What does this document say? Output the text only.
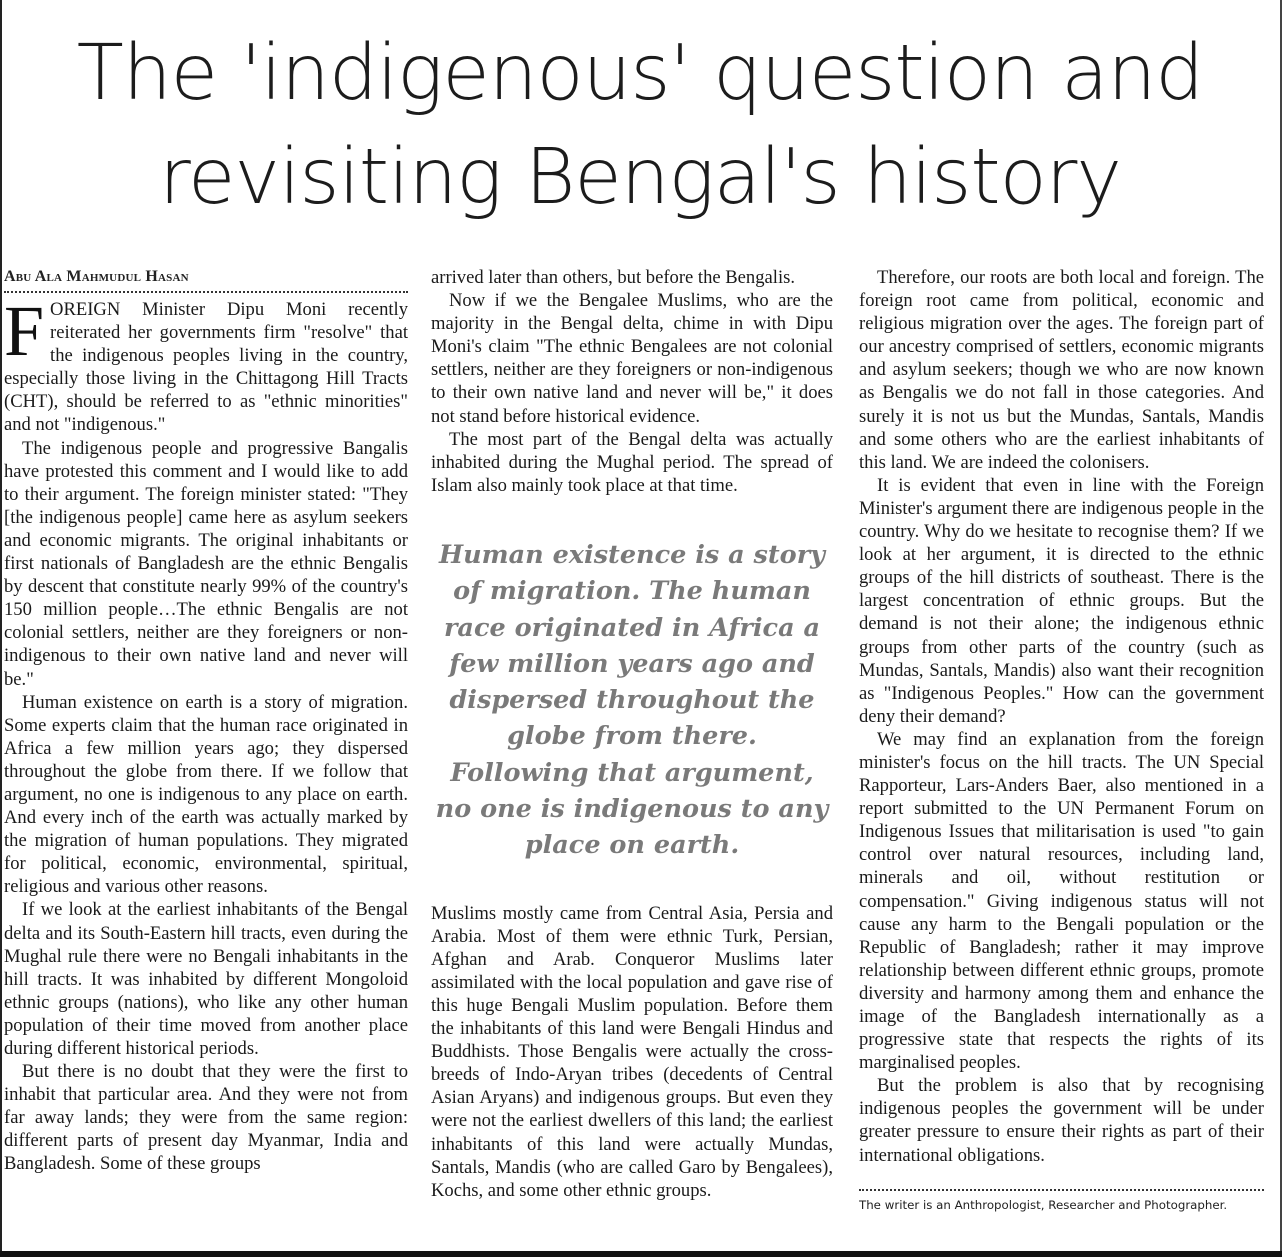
The 'indigenous' question and
revisiting Bengal's history
Abu Ala Mahmudul Hasan

FOREIGN Minister Dipu Moni recently reiterated her governments firm "resolve" that the indigenous peoples living in the country, especially those living in the Chittagong Hill Tracts (CHT), should be referred to as "ethnic minorities" and not "indigenous."

The indigenous people and progressive Bangalis have protested this comment and I would like to add to their argument. The foreign minister stated: "They [the indigenous people] came here as asylum seekers and economic migrants. The original inhabitants or first nationals of Bangladesh are the ethnic Bengalis by descent that constitute nearly 99% of the country's 150 million people…The ethnic Bengalis are not colonial settlers, neither are they foreigners or non-indigenous to their own native land and never will be."

Human existence on earth is a story of migration. Some experts claim that the human race originated in Africa a few million years ago; they dispersed throughout the globe from there. If we follow that argument, no one is indigenous to any place on earth. And every inch of the earth was actually marked by the migration of human populations. They migrated for political, economic, environmental, spiritual, religious and various other reasons.

If we look at the earliest inhabitants of the Bengal delta and its South-Eastern hill tracts, even during the Mughal rule there were no Bengali inhabitants in the hill tracts. It was inhabited by different Mongoloid ethnic groups (nations), who like any other human population of their time moved from another place during different historical periods.

But there is no doubt that they were the first to inhabit that particular area. And they were not from far away lands; they were from the same region: different parts of present day Myanmar, India and Bangladesh. Some of these groups

arrived later than others, but before the Bengalis.

Now if we the Bengalee Muslims, who are the majority in the Bengal delta, chime in with Dipu Moni's claim "The ethnic Bengalees are not colonial settlers, neither are they foreigners or non-indigenous to their own native land and never will be," it does not stand before historical evidence.

The most part of the Bengal delta was actually inhabited during the Mughal period. The spread of Islam also mainly took place at that time.

Human existence is a story of migration. The human race originated in Africa a few million years ago and dispersed throughout the globe from there. Following that argument, no one is indigenous to any place on earth.

Muslims mostly came from Central Asia, Persia and Arabia. Most of them were ethnic Turk, Persian, Afghan and Arab. Conqueror Muslims later assimilated with the local population and gave rise of this huge Bengali Muslim population. Before them the inhabitants of this land were Bengali Hindus and Buddhists. Those Bengalis were actually the cross-breeds of Indo-Aryan tribes (decedents of Central Asian Aryans) and indigenous groups. But even they were not the earliest dwellers of this land; the earliest inhabitants of this land were actually Mundas, Santals, Mandis (who are called Garo by Bengalees), Kochs, and some other ethnic groups.

Therefore, our roots are both local and foreign. The foreign root came from political, economic and religious migration over the ages. The foreign part of our ancestry comprised of settlers, economic migrants and asylum seekers; though we who are now known as Bengalis we do not fall in those categories. And surely it is not us but the Mundas, Santals, Mandis and some others who are the earliest inhabitants of this land. We are indeed the colonisers.

It is evident that even in line with the Foreign Minister's argument there are indigenous people in the country. Why do we hesitate to recognise them? If we look at her argument, it is directed to the ethnic groups of the hill districts of southeast. There is the largest concentration of ethnic groups. But the demand is not their alone; the indigenous ethnic groups from other parts of the country (such as Mundas, Santals, Mandis) also want their recognition as "Indigenous Peoples." How can the government deny their demand?

We may find an explanation from the foreign minister's focus on the hill tracts. The UN Special Rapporteur, Lars-Anders Baer, also mentioned in a report submitted to the UN Permanent Forum on Indigenous Issues that militarisation is used "to gain control over natural resources, including land, minerals and oil, without restitution or compensation." Giving indigenous status will not cause any harm to the Bengali population or the Republic of Bangladesh; rather it may improve relationship between different ethnic groups, promote diversity and harmony among them and enhance the image of the Bangladesh internationally as a progressive state that respects the rights of its marginalised peoples.

But the problem is also that by recognising indigenous peoples the government will be under greater pressure to ensure their rights as part of their international obligations.

The writer is an Anthropologist, Researcher and Photographer.
